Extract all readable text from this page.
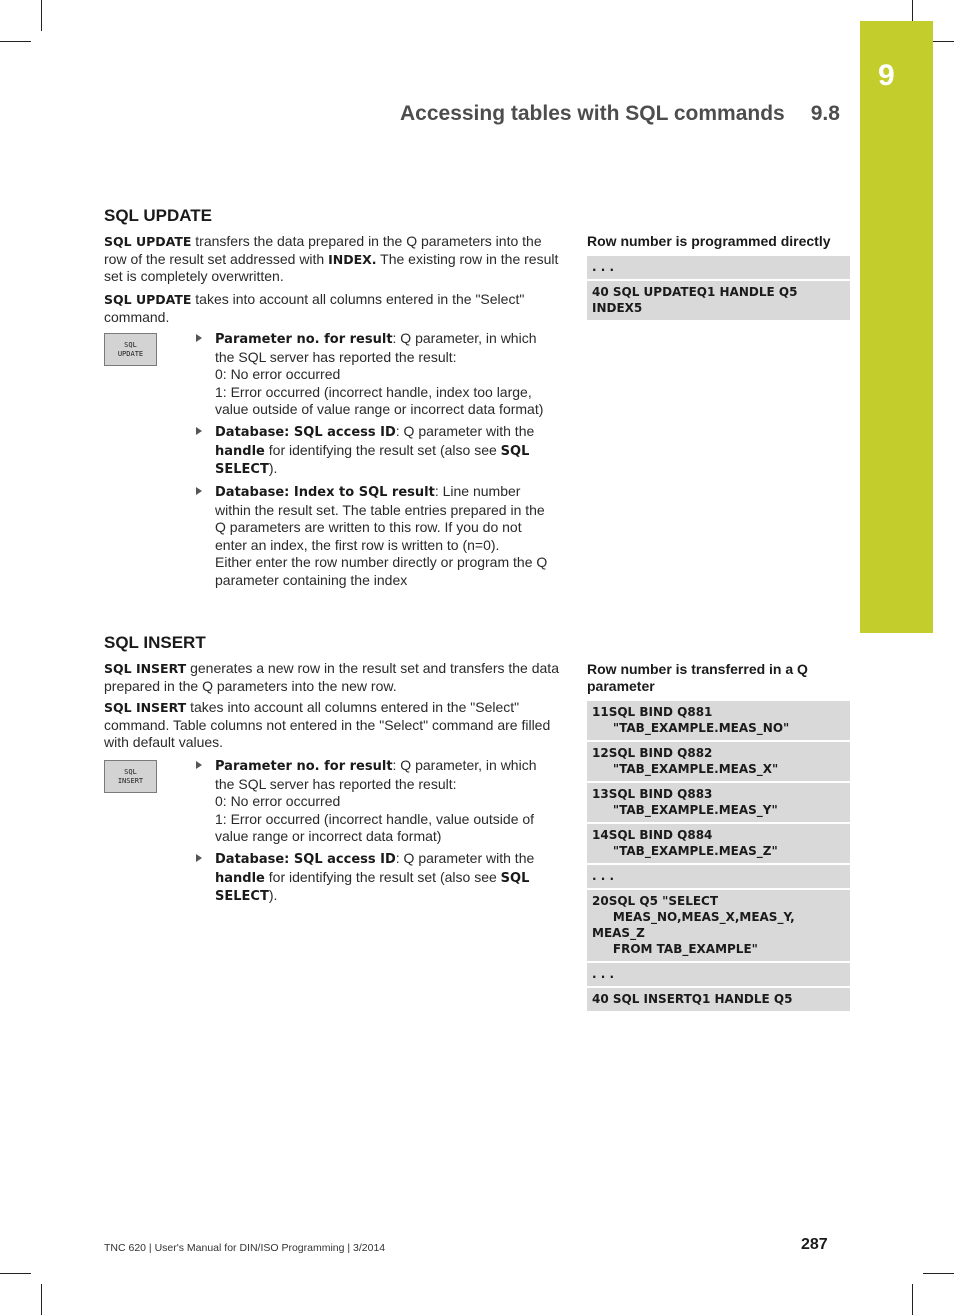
9
Accessing tables with SQL commands 9.8
SQL UPDATE

SQL UPDATE transfers the data prepared in the Q parameters into the row of the result set addressed with INDEX. The existing row in the result set is completely overwritten.

SQL UPDATE takes into account all columns entered in the "Select" command.

SQL
UPDATE
Parameter no. for result: Q parameter, in which the SQL server has reported the result:
0: No error occurred
1: Error occurred (incorrect handle, index too large, value outside of value range or incorrect data format)
Database: SQL access ID: Q parameter with the handle for identifying the result set (also see SQL SELECT).
Database: Index to SQL result: Line number within the result set. The table entries prepared in the Q parameters are written to this row. If you do not enter an index, the first row is written to (n=0).
Either enter the row number directly or program the Q parameter containing the index
Row number is programmed directly
. . .
40 SQL UPDATEQ1 HANDLE Q5 INDEX5
SQL INSERT

SQL INSERT generates a new row in the result set and transfers the data prepared in the Q parameters into the new row.

SQL INSERT takes into account all columns entered in the "Select" command. Table columns not entered in the "Select" command are filled with default values.

SQL
INSERT
Parameter no. for result: Q parameter, in which the SQL server has reported the result:
0: No error occurred
1: Error occurred (incorrect handle, value outside of value range or incorrect data format)
Database: SQL access ID: Q parameter with the handle for identifying the result set (also see SQL SELECT).
Row number is transferred in a Q parameter
11SQL BIND Q881
"TAB_EXAMPLE.MEAS_NO"
12SQL BIND Q882
"TAB_EXAMPLE.MEAS_X"
13SQL BIND Q883
"TAB_EXAMPLE.MEAS_Y"
14SQL BIND Q884
"TAB_EXAMPLE.MEAS_Z"
. . .
20SQL Q5 "SELECT
MEAS_NO,MEAS_X,MEAS_Y, MEAS_Z
FROM TAB_EXAMPLE"
. . .
40 SQL INSERTQ1 HANDLE Q5
TNC 620 | User's Manual for DIN/ISO Programming | 3/2014	287
